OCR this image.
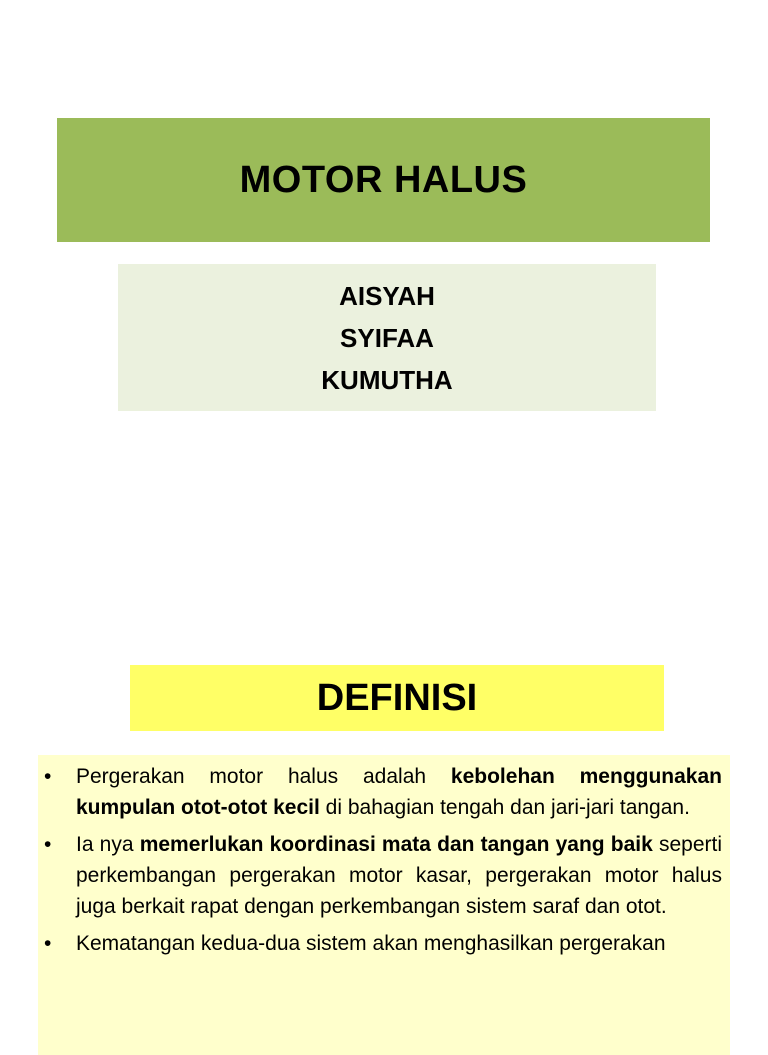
MOTOR HALUS
AISYAH
SYIFAA
KUMUTHA
DEFINISI
• Pergerakan motor halus adalah kebolehan menggunakan kumpulan otot-otot kecil di bahagian tengah dan jari-jari tangan.
• Ia nya memerlukan koordinasi mata dan tangan yang baik seperti perkembangan pergerakan motor kasar, pergerakan motor halus juga berkait rapat dengan perkembangan sistem saraf dan otot.
• Kematangan kedua-dua sistem akan menghasilkan pergerakan
